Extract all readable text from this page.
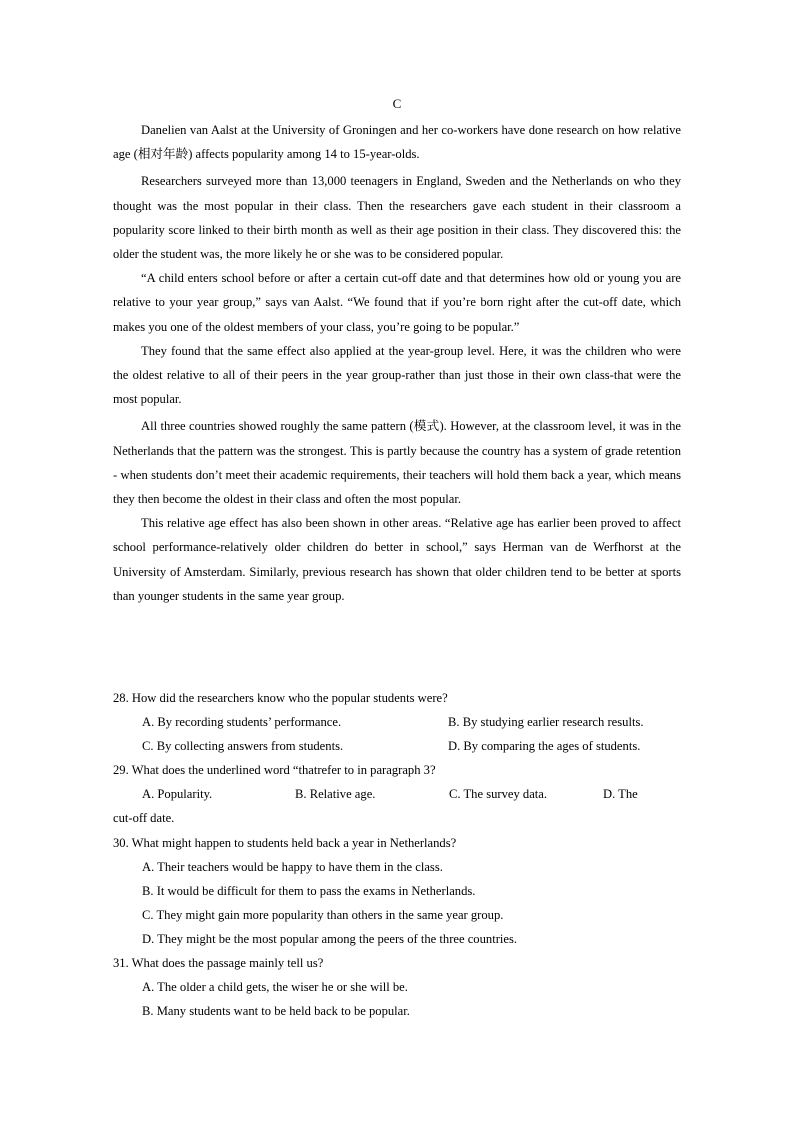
C

Danelien van Aalst at the University of Groningen and her co-workers have done research on how relative age (相对年龄) affects popularity among 14 to 15-year-olds.

Researchers surveyed more than 13,000 teenagers in England, Sweden and the Netherlands on who they thought was the most popular in their class. Then the researchers gave each student in their classroom a popularity score linked to their birth month as well as their age position in their class. They discovered this: the older the student was, the more likely he or she was to be considered popular.

“A child enters school before or after a certain cut-off date and that determines how old or young you are relative to your year group,” says van Aalst. “We found that if you’re born right after the cut-off date, which makes you one of the oldest members of your class, you’re going to be popular.”

They found that the same effect also applied at the year-group level. Here, it was the children who were the oldest relative to all of their peers in the year group-rather than just those in their own class-that were the most popular.

All three countries showed roughly the same pattern (模式). However, at the classroom level, it was in the Netherlands that the pattern was the strongest. This is partly because the country has a system of grade retention - when students don’t meet their academic requirements, their teachers will hold them back a year, which means they then become the oldest in their class and often the most popular.

This relative age effect has also been shown in other areas. “Relative age has earlier been proved to affect school performance-relatively older children do better in school,” says Herman van de Werfhorst at the University of Amsterdam. Similarly, previous research has shown that older children tend to be better at sports than younger students in the same year group.

28. How did the researchers know who the popular students were?

A. By recording students’ performance.	B. By studying earlier research results.
C. By collecting answers from students.	D. By comparing the ages of students.

29. What does the underlined word “thatrefer to in paragraph 3?

A. Popularity.	B. Relative age.	C. The survey data.	D. The

cut-off date.

30. What might happen to students held back a year in Netherlands?

A. Their teachers would be happy to have them in the class.

B. It would be difficult for them to pass the exams in Netherlands.

C. They might gain more popularity than others in the same year group.

D. They might be the most popular among the peers of the three countries.

31. What does the passage mainly tell us?

A. The older a child gets, the wiser he or she will be.

B. Many students want to be held back to be popular.
